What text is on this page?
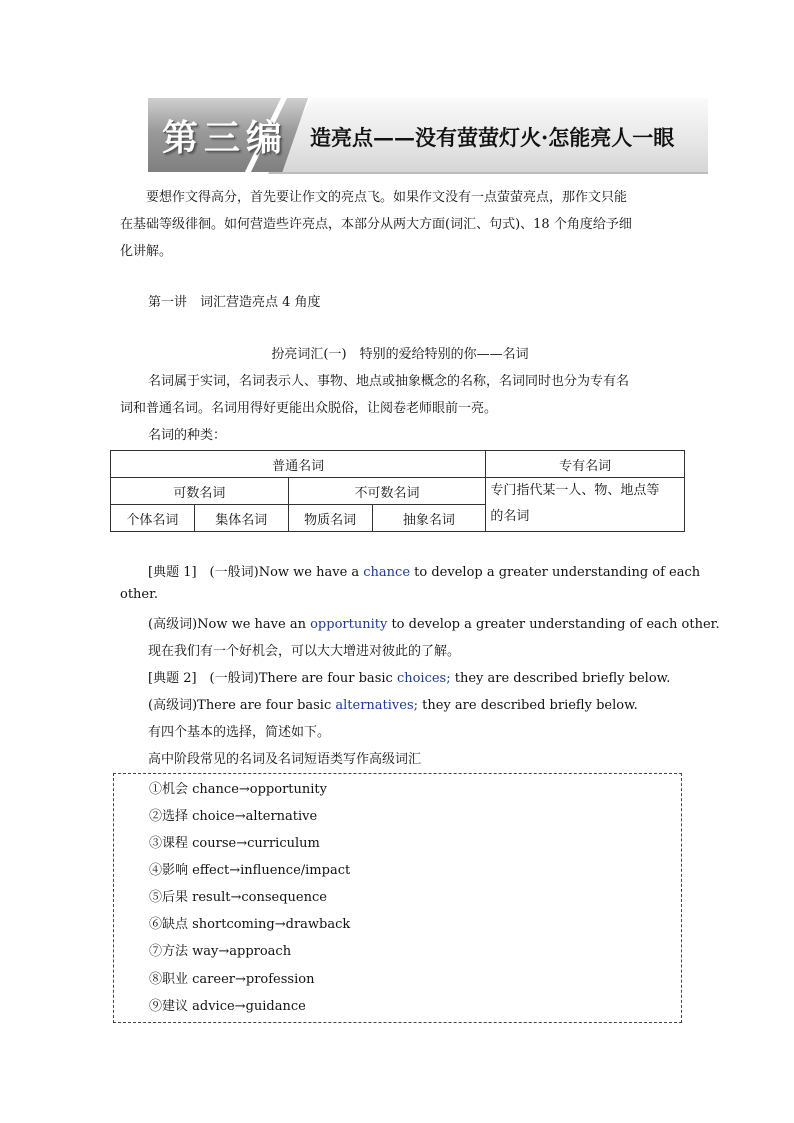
第三编 造亮点——没有萤萤灯火·怎能亮人一眼
要想作文得高分，首先要让作文的亮点飞。如果作文没有一点萤萤亮点，那作文只能
在基础等级徘徊。如何营造些许亮点，本部分从两大方面(词汇、句式)、18 个角度给予细
化讲解。
第一讲　词汇营造亮点 4 角度
扮亮词汇(一)　特别的爱给特别的你——名词
名词属于实词，名词表示人、事物、地点或抽象概念的名称，名词同时也分为专有名
词和普通名词。名词用得好更能出众脱俗，让阅卷老师眼前一亮。
名词的种类：
普通名词				专有名词
可数名词		不可数名词		专门指代某一人、物、地点等
的名词

个体名词	集体名词	物质名词	抽象名词	
[典题 1]　(一般词)Now we have a chance to develop a greater understanding of each
other.
(高级词)Now we have an opportunity to develop a greater understanding of each other.
现在我们有一个好机会，可以大大增进对彼此的了解。
[典题 2]　(一般词)There are four basic choices; they are described briefly below.
(高级词)There are four basic alternatives; they are described briefly below.
有四个基本的选择，简述如下。
高中阶段常见的名词及名词短语类写作高级词汇
①机会 chance→opportunity
②选择 choice→alternative
③课程 course→curriculum
④影响 effect→influence/impact
⑤后果 result→consequence
⑥缺点 shortcoming→drawback
⑦方法 way→approach
⑧职业 career→profession
⑨建议 advice→guidance
